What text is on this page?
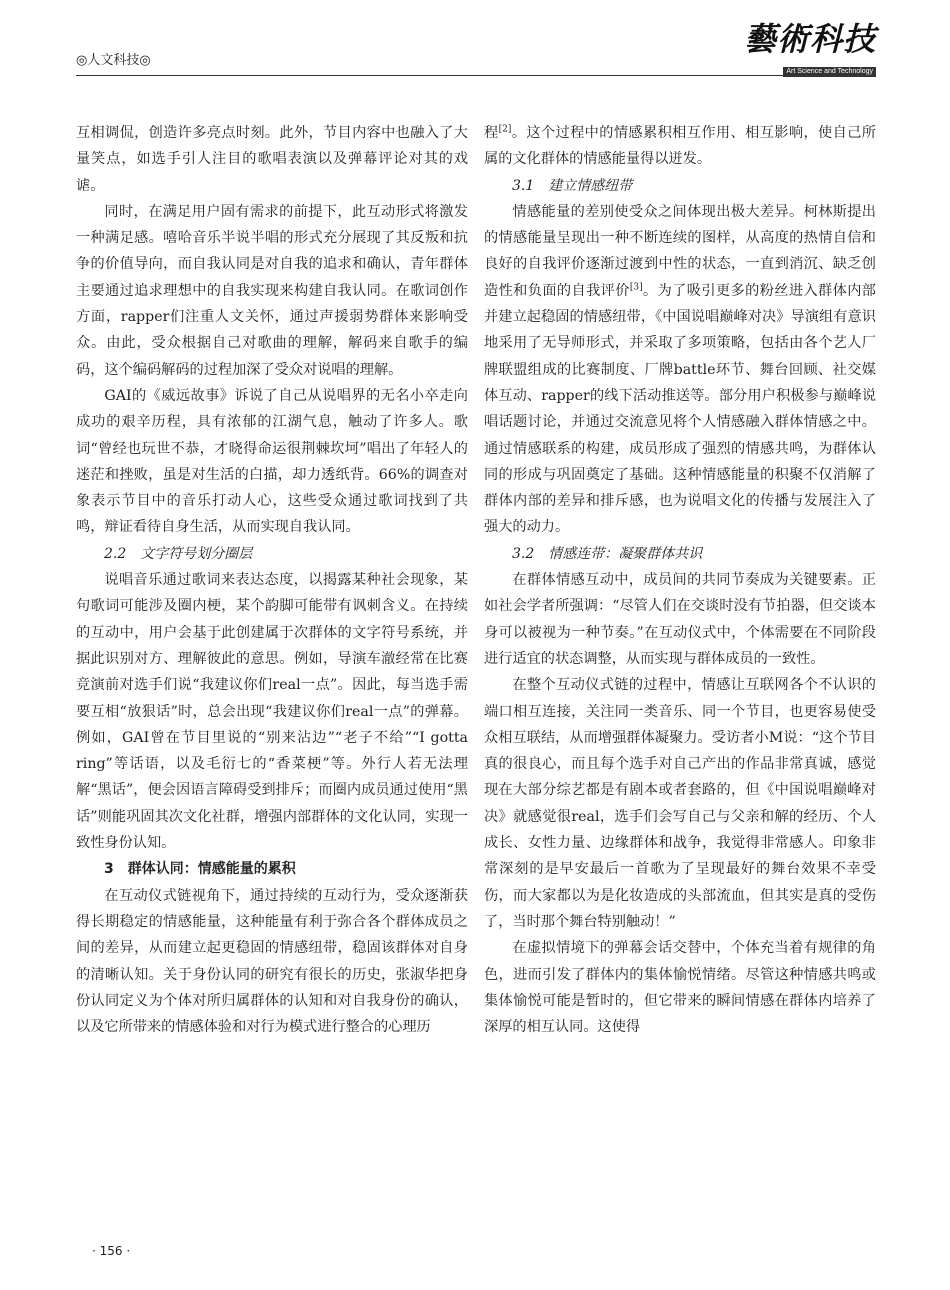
◎人文科技◎
藝術科技
Art Science and Technology

互相调侃，创造许多亮点时刻。此外，节目内容中也融入了大量笑点，如选手引人注目的歌唱表演以及弹幕评论对其的戏谑。

同时，在满足用户固有需求的前提下，此互动形式将激发一种满足感。嘻哈音乐半说半唱的形式充分展现了其反叛和抗争的价值导向，而自我认同是对自我的追求和确认，青年群体主要通过追求理想中的自我实现来构建自我认同。在歌词创作方面，rapper们注重人文关怀，通过声援弱势群体来影响受众。由此，受众根据自己对歌曲的理解，解码来自歌手的编码，这个编码解码的过程加深了受众对说唱的理解。

GAI的《威远故事》诉说了自己从说唱界的无名小卒走向成功的艰辛历程，具有浓郁的江湖气息，触动了许多人。歌词“曾经也玩世不恭，才晓得命运很荆棘坎坷”唱出了年轻人的迷茫和挫败，虽是对生活的白描，却力透纸背。66%的调查对象表示节目中的音乐打动人心，这些受众通过歌词找到了共鸣，辩证看待自身生活，从而实现自我认同。

2.2　文字符号划分圈层

说唱音乐通过歌词来表达态度，以揭露某种社会现象，某句歌词可能涉及圈内梗，某个韵脚可能带有讽刺含义。在持续的互动中，用户会基于此创建属于次群体的文字符号系统，并据此识别对方、理解彼此的意思。例如，导演车澈经常在比赛竞演前对选手们说“我建议你们real一点”。因此，每当选手需要互相“放狠话”时，总会出现“我建议你们real一点”的弹幕。例如，GAI曾在节目里说的“别来沾边”“老子不给”“I gotta ring”等话语，以及毛衍七的“香菜梗”等。外行人若无法理解“黑话”，便会因语言障碍受到排斥；而圈内成员通过使用“黑话”则能巩固其次文化社群，增强内部群体的文化认同，实现一致性身份认知。

3　群体认同：情感能量的累积

在互动仪式链视角下，通过持续的互动行为，受众逐渐获得长期稳定的情感能量，这种能量有利于弥合各个群体成员之间的差异，从而建立起更稳固的情感纽带，稳固该群体对自身的清晰认知。关于身份认同的研究有很长的历史，张淑华把身份认同定义为个体对所归属群体的认知和对自我身份的确认，以及它所带来的情感体验和对行为模式进行整合的心理历

程[2]。这个过程中的情感累积相互作用、相互影响，使自己所属的文化群体的情感能量得以迸发。

3.1　建立情感纽带

情感能量的差别使受众之间体现出极大差异。柯林斯提出的情感能量呈现出一种不断连续的图样，从高度的热情自信和良好的自我评价逐渐过渡到中性的状态，一直到消沉、缺乏创造性和负面的自我评价[3]。为了吸引更多的粉丝进入群体内部并建立起稳固的情感纽带，《中国说唱巅峰对决》导演组有意识地采用了无导师形式，并采取了多项策略，包括由各个艺人厂牌联盟组成的比赛制度、厂牌battle环节、舞台回顾、社交媒体互动、rapper的线下活动推送等。部分用户积极参与巅峰说唱话题讨论，并通过交流意见将个人情感融入群体情感之中。通过情感联系的构建，成员形成了强烈的情感共鸣，为群体认同的形成与巩固奠定了基础。这种情感能量的积聚不仅消解了群体内部的差异和排斥感，也为说唱文化的传播与发展注入了强大的动力。

3.2　情感连带：凝聚群体共识

在群体情感互动中，成员间的共同节奏成为关键要素。正如社会学者所强调：“尽管人们在交谈时没有节拍器，但交谈本身可以被视为一种节奏。”在互动仪式中，个体需要在不同阶段进行适宜的状态调整，从而实现与群体成员的一致性。

在整个互动仪式链的过程中，情感让互联网各个不认识的端口相互连接，关注同一类音乐、同一个节目，也更容易使受众相互联结，从而增强群体凝聚力。受访者小M说：“这个节目真的很良心，而且每个选手对自己产出的作品非常真诚，感觉现在大部分综艺都是有剧本或者套路的，但《中国说唱巅峰对决》就感觉很real，选手们会写自己与父亲和解的经历、个人成长、女性力量、边缘群体和战争，我觉得非常感人。印象非常深刻的是早安最后一首歌为了呈现最好的舞台效果不幸受伤，而大家都以为是化妆造成的头部流血，但其实是真的受伤了，当时那个舞台特别触动！”

在虚拟情境下的弹幕会话交替中，个体充当着有规律的角色，进而引发了群体内的集体愉悦情绪。尽管这种情感共鸣或集体愉悦可能是暂时的，但它带来的瞬间情感在群体内培养了深厚的相互认同。这使得

· 156 ·
